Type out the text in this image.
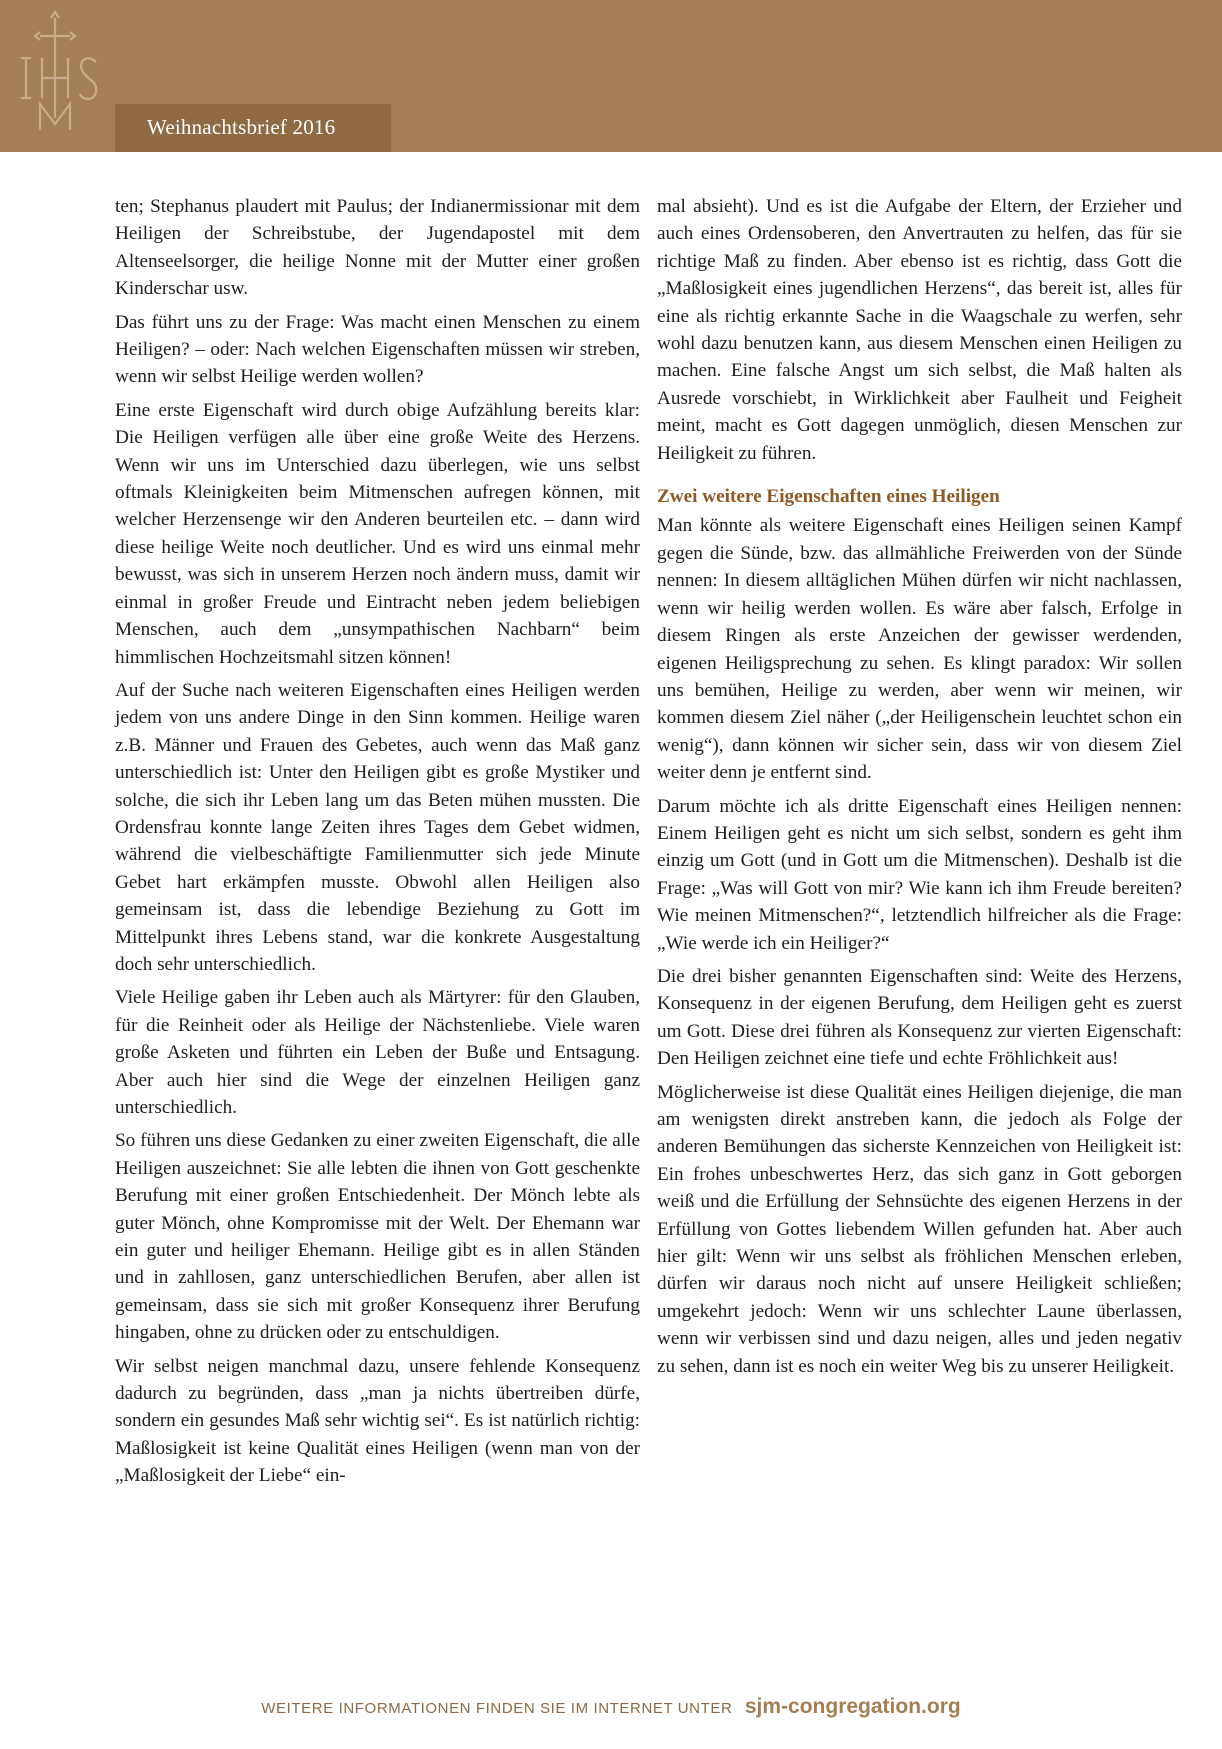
Weihnachtsbrief 2016

ten; Stephanus plaudert mit Paulus; der Indianermissionar mit dem Heiligen der Schreibstube, der Jugendapostel mit dem Altenseelsorger, die heilige Nonne mit der Mutter einer großen Kinderschar usw.

Das führt uns zu der Frage: Was macht einen Menschen zu einem Heiligen? – oder: Nach welchen Eigenschaften müssen wir streben, wenn wir selbst Heilige werden wollen?

Eine erste Eigenschaft wird durch obige Aufzählung bereits klar: Die Heiligen verfügen alle über eine große Weite des Herzens. Wenn wir uns im Unterschied dazu überlegen, wie uns selbst oftmals Kleinigkeiten beim Mitmenschen aufregen können, mit welcher Herzensenge wir den Anderen beurteilen etc. – dann wird diese heilige Weite noch deutlicher. Und es wird uns einmal mehr bewusst, was sich in unserem Herzen noch ändern muss, damit wir einmal in großer Freude und Eintracht neben jedem beliebigen Menschen, auch dem „unsympathischen Nachbarn“ beim himmlischen Hochzeitsmahl sitzen können!

Auf der Suche nach weiteren Eigenschaften eines Heiligen werden jedem von uns andere Dinge in den Sinn kommen. Heilige waren z.B. Männer und Frauen des Gebetes, auch wenn das Maß ganz unterschiedlich ist: Unter den Heiligen gibt es große Mystiker und solche, die sich ihr Leben lang um das Beten mühen mussten. Die Ordensfrau konnte lange Zeiten ihres Tages dem Gebet widmen, während die vielbeschäftigte Familienmutter sich jede Minute Gebet hart erkämpfen musste. Obwohl allen Heiligen also gemeinsam ist, dass die lebendige Beziehung zu Gott im Mittelpunkt ihres Lebens stand, war die konkrete Ausgestaltung doch sehr unterschiedlich.

Viele Heilige gaben ihr Leben auch als Märtyrer: für den Glauben, für die Reinheit oder als Heilige der Nächstenliebe. Viele waren große Asketen und führten ein Leben der Buße und Entsagung. Aber auch hier sind die Wege der einzelnen Heiligen ganz unterschiedlich.

So führen uns diese Gedanken zu einer zweiten Eigenschaft, die alle Heiligen auszeichnet: Sie alle lebten die ihnen von Gott geschenkte Berufung mit einer großen Entschiedenheit. Der Mönch lebte als guter Mönch, ohne Kompromisse mit der Welt. Der Ehemann war ein guter und heiliger Ehemann. Heilige gibt es in allen Ständen und in zahllosen, ganz unterschiedlichen Berufen, aber allen ist gemeinsam, dass sie sich mit großer Konsequenz ihrer Berufung hingaben, ohne zu drücken oder zu entschuldigen.

Wir selbst neigen manchmal dazu, unsere fehlende Konsequenz dadurch zu begründen, dass „man ja nichts übertreiben dürfe, sondern ein gesundes Maß sehr wichtig sei“. Es ist natürlich richtig: Maßlosigkeit ist keine Qualität eines Heiligen (wenn man von der „Maßlosigkeit der Liebe“ ein-

mal absieht). Und es ist die Aufgabe der Eltern, der Erzieher und auch eines Ordensoberen, den Anvertrauten zu helfen, das für sie richtige Maß zu finden. Aber ebenso ist es richtig, dass Gott die „Maßlosigkeit eines jugendlichen Herzens“, das bereit ist, alles für eine als richtig erkannte Sache in die Waagschale zu werfen, sehr wohl dazu benutzen kann, aus diesem Menschen einen Heiligen zu machen. Eine falsche Angst um sich selbst, die Maß halten als Ausrede vorschiebt, in Wirklichkeit aber Faulheit und Feigheit meint, macht es Gott dagegen unmöglich, diesen Menschen zur Heiligkeit zu führen.

Zwei weitere Eigenschaften eines Heiligen

Man könnte als weitere Eigenschaft eines Heiligen seinen Kampf gegen die Sünde, bzw. das allmähliche Freiwerden von der Sünde nennen: In diesem alltäglichen Mühen dürfen wir nicht nachlassen, wenn wir heilig werden wollen. Es wäre aber falsch, Erfolge in diesem Ringen als erste Anzeichen der gewisser werdenden, eigenen Heiligsprechung zu sehen. Es klingt paradox: Wir sollen uns bemühen, Heilige zu werden, aber wenn wir meinen, wir kommen diesem Ziel näher („der Heiligenschein leuchtet schon ein wenig“), dann können wir sicher sein, dass wir von diesem Ziel weiter denn je entfernt sind.

Darum möchte ich als dritte Eigenschaft eines Heiligen nennen: Einem Heiligen geht es nicht um sich selbst, sondern es geht ihm einzig um Gott (und in Gott um die Mitmenschen). Deshalb ist die Frage: „Was will Gott von mir? Wie kann ich ihm Freude bereiten? Wie meinen Mitmenschen?“, letztendlich hilfreicher als die Frage: „Wie werde ich ein Heiliger?“

Die drei bisher genannten Eigenschaften sind: Weite des Herzens, Konsequenz in der eigenen Berufung, dem Heiligen geht es zuerst um Gott. Diese drei führen als Konsequenz zur vierten Eigenschaft: Den Heiligen zeichnet eine tiefe und echte Fröhlichkeit aus!

Möglicherweise ist diese Qualität eines Heiligen diejenige, die man am wenigsten direkt anstreben kann, die jedoch als Folge der anderen Bemühungen das sicherste Kennzeichen von Heiligkeit ist: Ein frohes unbeschwertes Herz, das sich ganz in Gott geborgen weiß und die Erfüllung der Sehnsüchte des eigenen Herzens in der Erfüllung von Gottes liebendem Willen gefunden hat. Aber auch hier gilt: Wenn wir uns selbst als fröhlichen Menschen erleben, dürfen wir daraus noch nicht auf unsere Heiligkeit schließen; umgekehrt jedoch: Wenn wir uns schlechter Laune überlassen, wenn wir verbissen sind und dazu neigen, alles und jeden negativ zu sehen, dann ist es noch ein weiter Weg bis zu unserer Heiligkeit.

WEITERE INFORMATIONEN FINDEN SIE IM INTERNET UNTER sjm-congregation.org
